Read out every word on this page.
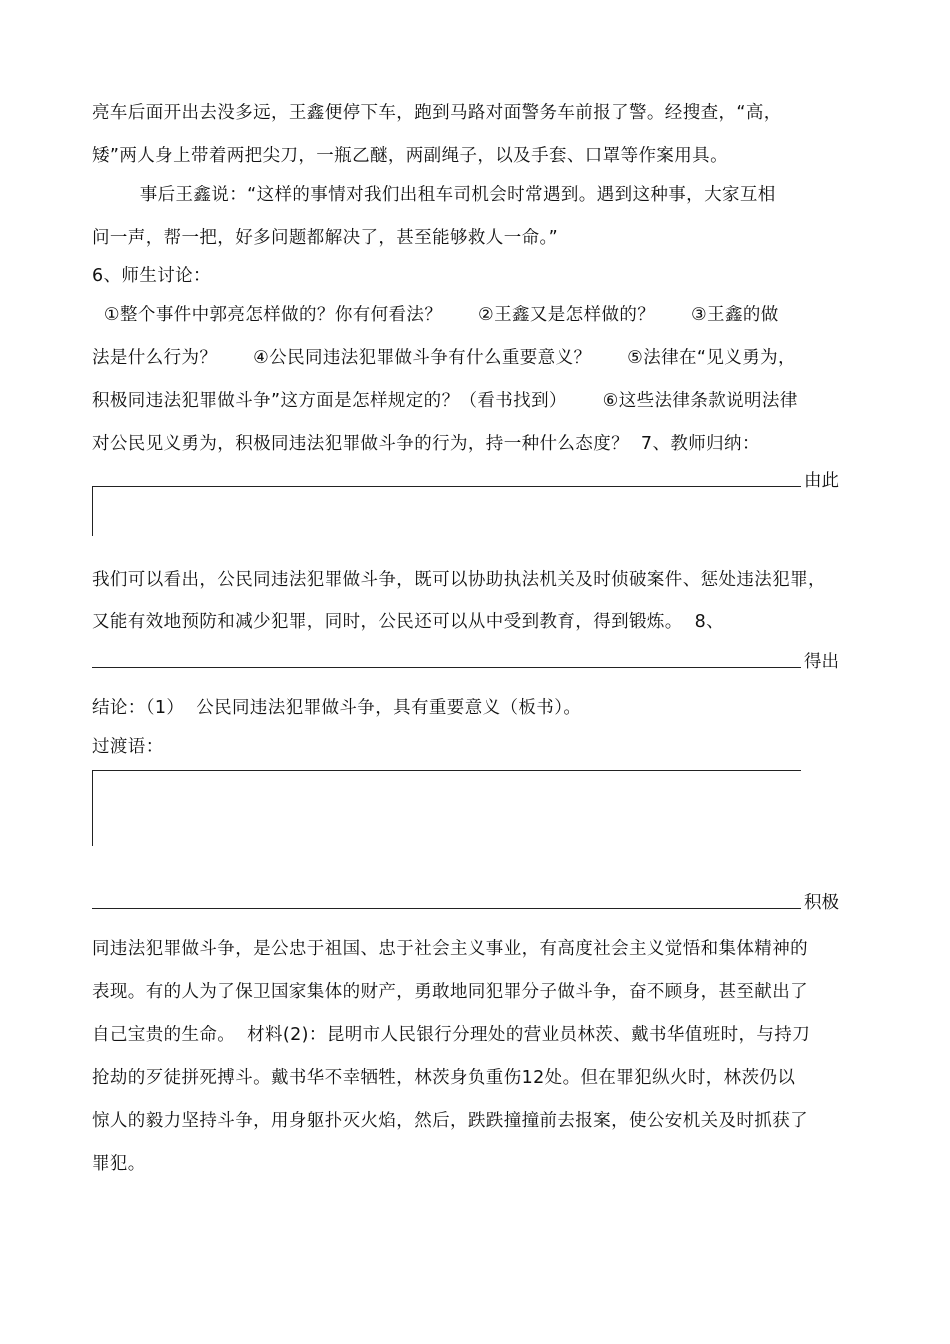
亮车后面开出去没多远，王鑫便停下车，跑到马路对面警务车前报了警。经搜查，“高，
矮”两人身上带着两把尖刀，一瓶乙醚，两副绳子，以及手套、口罩等作案用具。
事后王鑫说：“这样的事情对我们出租车司机会时常遇到。遇到这种事，大家互相
问一声，帮一把，好多问题都解决了，甚至能够救人一命。”
6、师生讨论：
①整个事件中郭亮怎样做的？你有何看法？      ②王鑫又是怎样做的？      ③王鑫的做
法是什么行为？      ④公民同违法犯罪做斗争有什么重要意义？      ⑤法律在“见义勇为，
积极同违法犯罪做斗争”这方面是怎样规定的？（看书找到）      ⑥这些法律条款说明法律
对公民见义勇为，积极同违法犯罪做斗争的行为，持一种什么态度？  7、教师归纳：
由此
我们可以看出，公民同违法犯罪做斗争，既可以协助执法机关及时侦破案件、惩处违法犯罪，
又能有效地预防和减少犯罪，同时，公民还可以从中受到教育，得到锻炼。  8、
得出
结论：（1）  公民同违法犯罪做斗争，具有重要意义（板书）。
过渡语：
积极
同违法犯罪做斗争，是公忠于祖国、忠于社会主义事业，有高度社会主义觉悟和集体精神的
表现。有的人为了保卫国家集体的财产，勇敢地同犯罪分子做斗争，奋不顾身，甚至献出了
自己宝贵的生命。  材料(2)：昆明市人民银行分理处的营业员林茨、戴书华值班时，与持刀
抢劫的歹徒拼死搏斗。戴书华不幸牺牲，林茨身负重伤12处。但在罪犯纵火时，林茨仍以
惊人的毅力坚持斗争，用身躯扑灭火焰，然后，跌跌撞撞前去报案，使公安机关及时抓获了
罪犯。
